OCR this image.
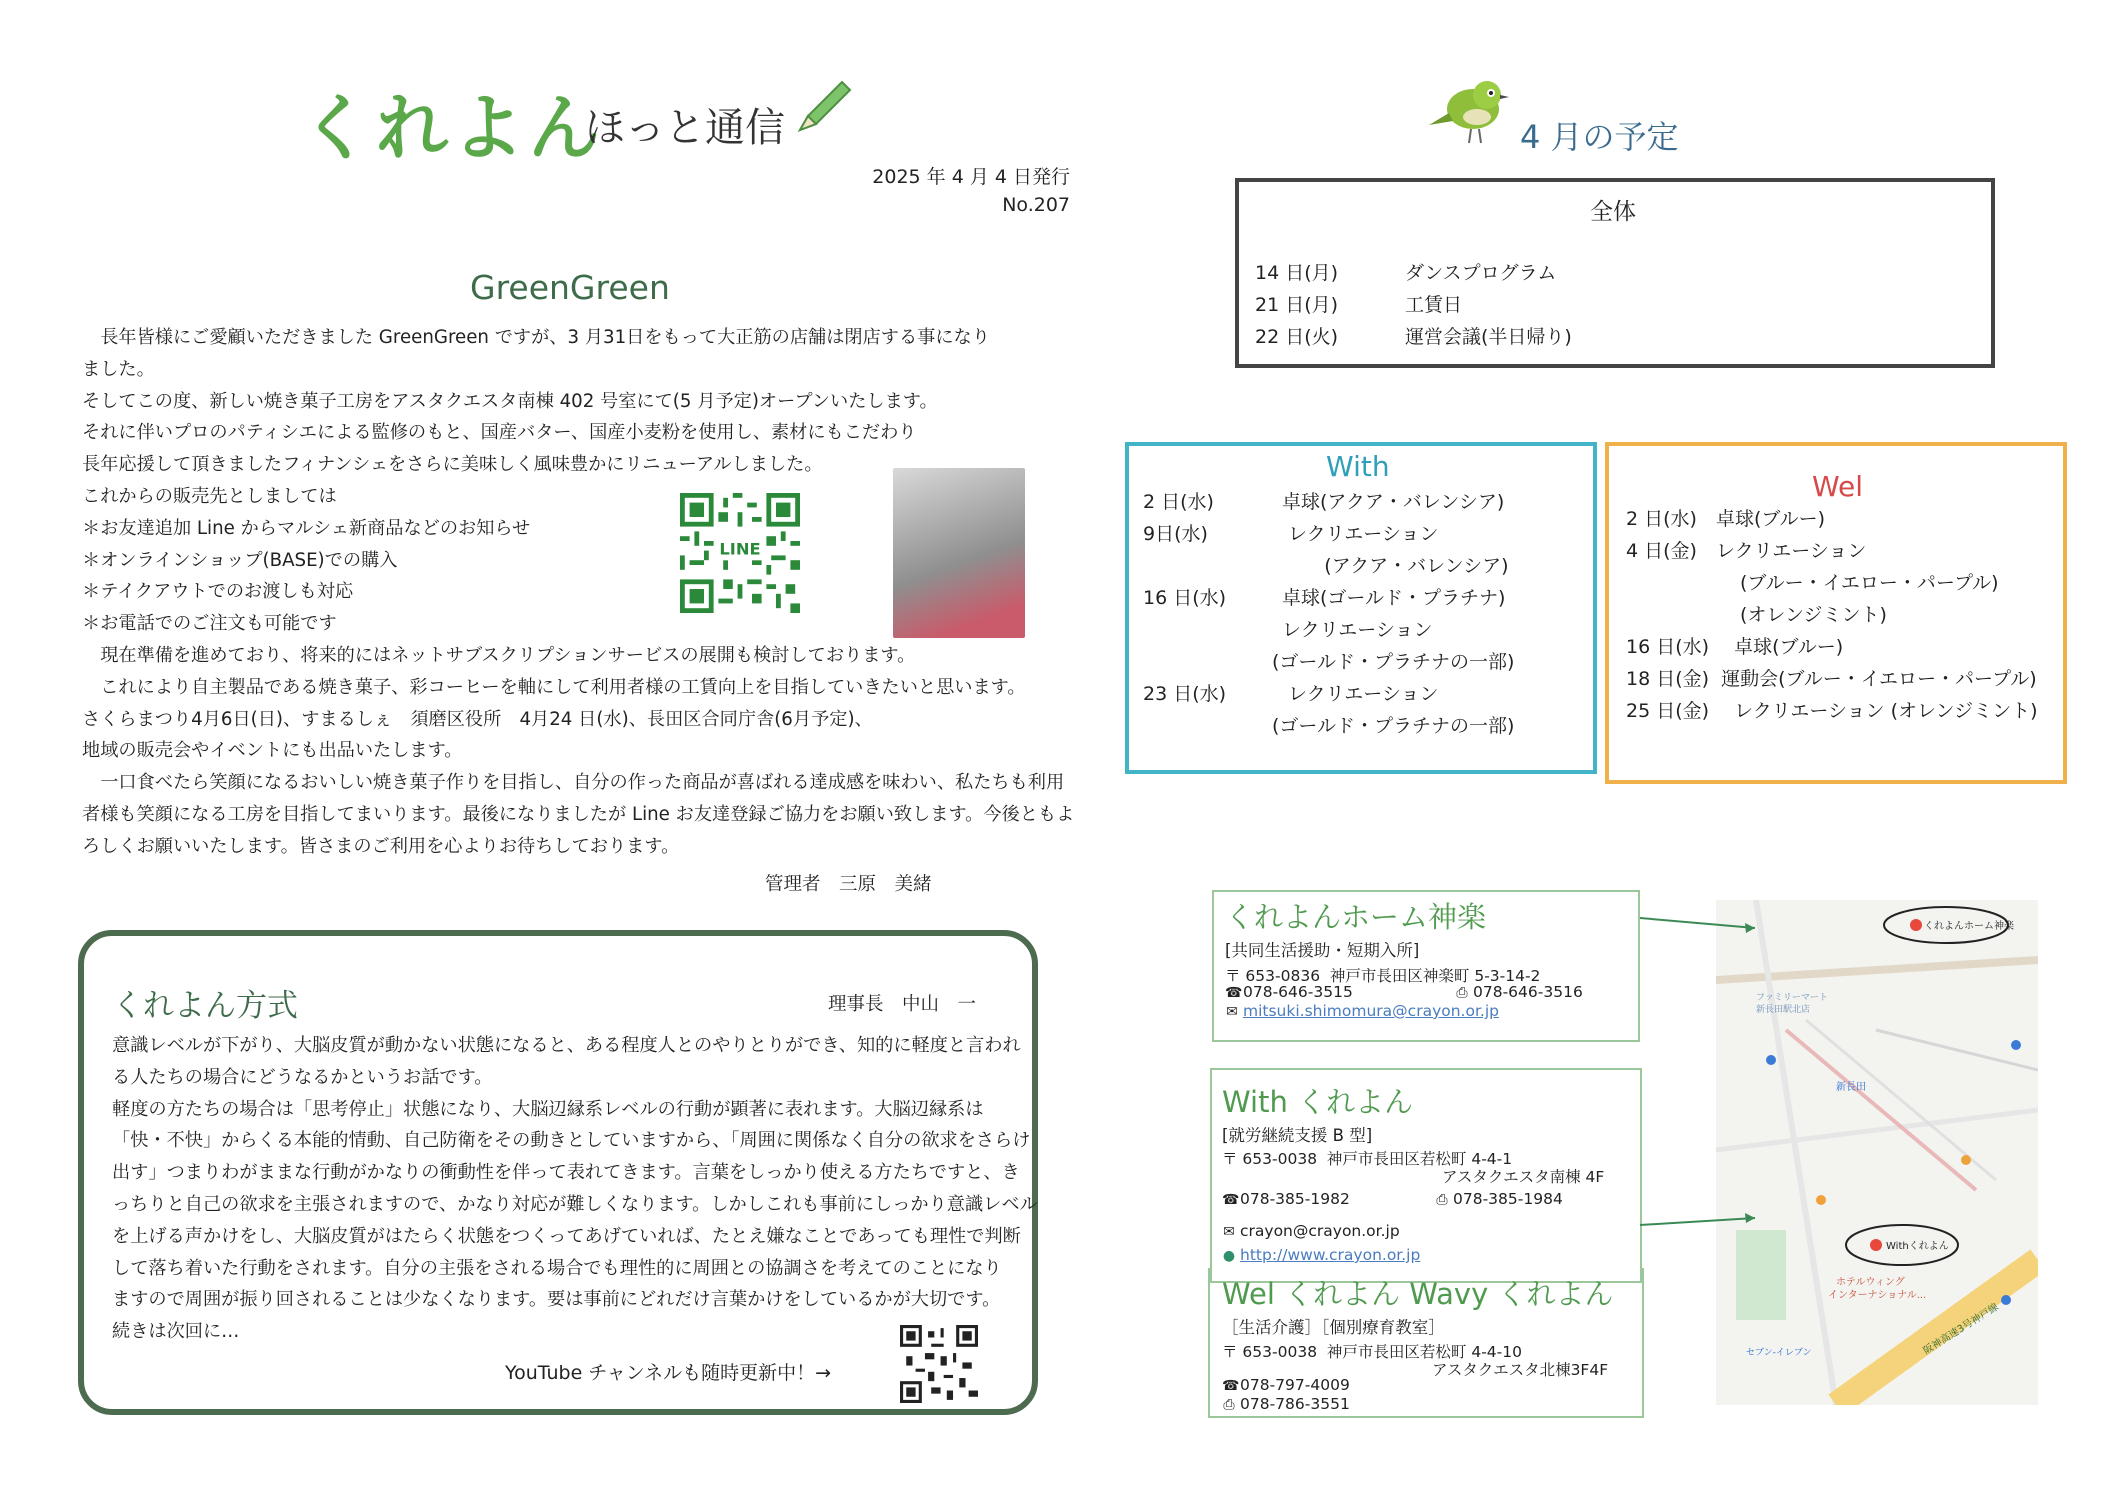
くれよん
ほっと通信
2025 年 4 月 4 日発行
No.207
GreenGreen

　長年皆様にご愛顧いただきました GreenGreen ですが、3 月31日をもって大正筋の店舗は閉店する事になり

ました。

そしてこの度、新しい焼き菓子工房をアスタクエスタ南棟 402 号室にて(5 月予定)オープンいたします。

それに伴いプロのパティシエによる監修のもと、国産バター、国産小麦粉を使用し、素材にもこだわり

長年応援して頂きましたフィナンシェをさらに美味しく風味豊かにリニューアルしました。

これからの販売先としましては

＊お友達追加 Line からマルシェ新商品などのお知らせ

＊オンラインショップ(BASE)での購入

＊テイクアウトでのお渡しも対応

＊お電話でのご注文も可能です

　現在準備を進めており、将来的にはネットサブスクリプションサービスの展開も検討しております。

　これにより自主製品である焼き菓子、彩コーヒーを軸にして利用者様の工賃向上を目指していきたいと思います。

さくらまつり4月6日(日)、すまるしぇ　須磨区役所　4月24 日(水)、長田区合同庁舎(6月予定)、

地域の販売会やイベントにも出品いたします。

　一口食べたら笑顔になるおいしい焼き菓子作りを目指し、自分の作った商品が喜ばれる達成感を味わい、私たちも利用

者様も笑顔になる工房を目指してまいります。最後になりましたが Line お友達登録ご協力をお願い致します。今後ともよ

ろしくお願いいたします。皆さまのご利用を心よりお待ちしております。

LINE
管理者　三原　美緒
くれよん方式	理事長　中山　一

意識レベルが下がり、大脳皮質が動かない状態になると、ある程度人とのやりとりができ、知的に軽度と言われ

る人たちの場合にどうなるかというお話です。

軽度の方たちの場合は「思考停止」状態になり、大脳辺縁系レベルの行動が顕著に表れます。大脳辺縁系は

「快・不快」からくる本能的情動、自己防衛をその動きとしていますから、「周囲に関係なく自分の欲求をさらけ

出す」つまりわがままな行動がかなりの衝動性を伴って表れてきます。言葉をしっかり使える方たちですと、き

っちりと自己の欲求を主張されますので、かなり対応が難しくなります。しかしこれも事前にしっかり意識レベル

を上げる声かけをし、大脳皮質がはたらく状態をつくってあげていれば、たとえ嫌なことであっても理性で判断

して落ち着いた行動をされます。自分の主張をされる場合でも理性的に周囲との協調さを考えてのことになり

ますので周囲が振り回されることは少なくなります。要は事前にどれだけ言葉かけをしているかが大切です。

続きは次回に…

YouTube チャンネルも随時更新中！→
4 月の予定
全体
14 日(月)	ダンスプログラム
21 日(月)	工賃日
22 日(火)	運営会議(半日帰り)
With
2 日(水)	卓球(アクア・バレンシア)
9日(水)	レクリエーション
(アクア・バレンシア)
16 日(水)	卓球(ゴールド・プラチナ)
レクリエーション
(ゴールド・プラチナの一部)
23 日(水)	レクリエーション
(ゴールド・プラチナの一部)
Wel
2 日(水)　卓球(ブルー)
4 日(金)　レクリエーション
　　　　　　(ブルー・イエロー・パープル)
　　　　　　(オレンジミント)
16 日(水)　 卓球(ブルー)
18 日(金)  運動会(ブルー・イエロー・パープル)
25 日(金)　 レクリエーション (オレンジミント)
くれよんホーム神楽
[共同生活援助・短期入所]
〒 653-0836  神戸市長田区神楽町 5-3-14-2
☎078-646-3515	⎙ 078-646-3516
✉ mitsuki.shimomura@crayon.or.jp
With くれよん
[就労継続支援 B 型]
〒 653-0038  神戸市長田区若松町 4-4-1
アスタクエスタ南棟 4F
☎078-385-1982	⎙ 078-385-1984
✉ crayon@crayon.or.jp
● http://www.crayon.or.jp
Wel くれよん Wavy くれよん
［生活介護］［個別療育教室］
〒 653-0038  神戸市長田区若松町 4-4-10
アスタクエスタ北棟3F4F
☎078-797-4009
⎙ 078-786-3551
くれよんホーム神楽
Withくれよん
新長田
ファミリーマート
新長田駅北店
ホテルウィング
インターナショナル...
セブン-イレブン	阪神高速3号神戸線
